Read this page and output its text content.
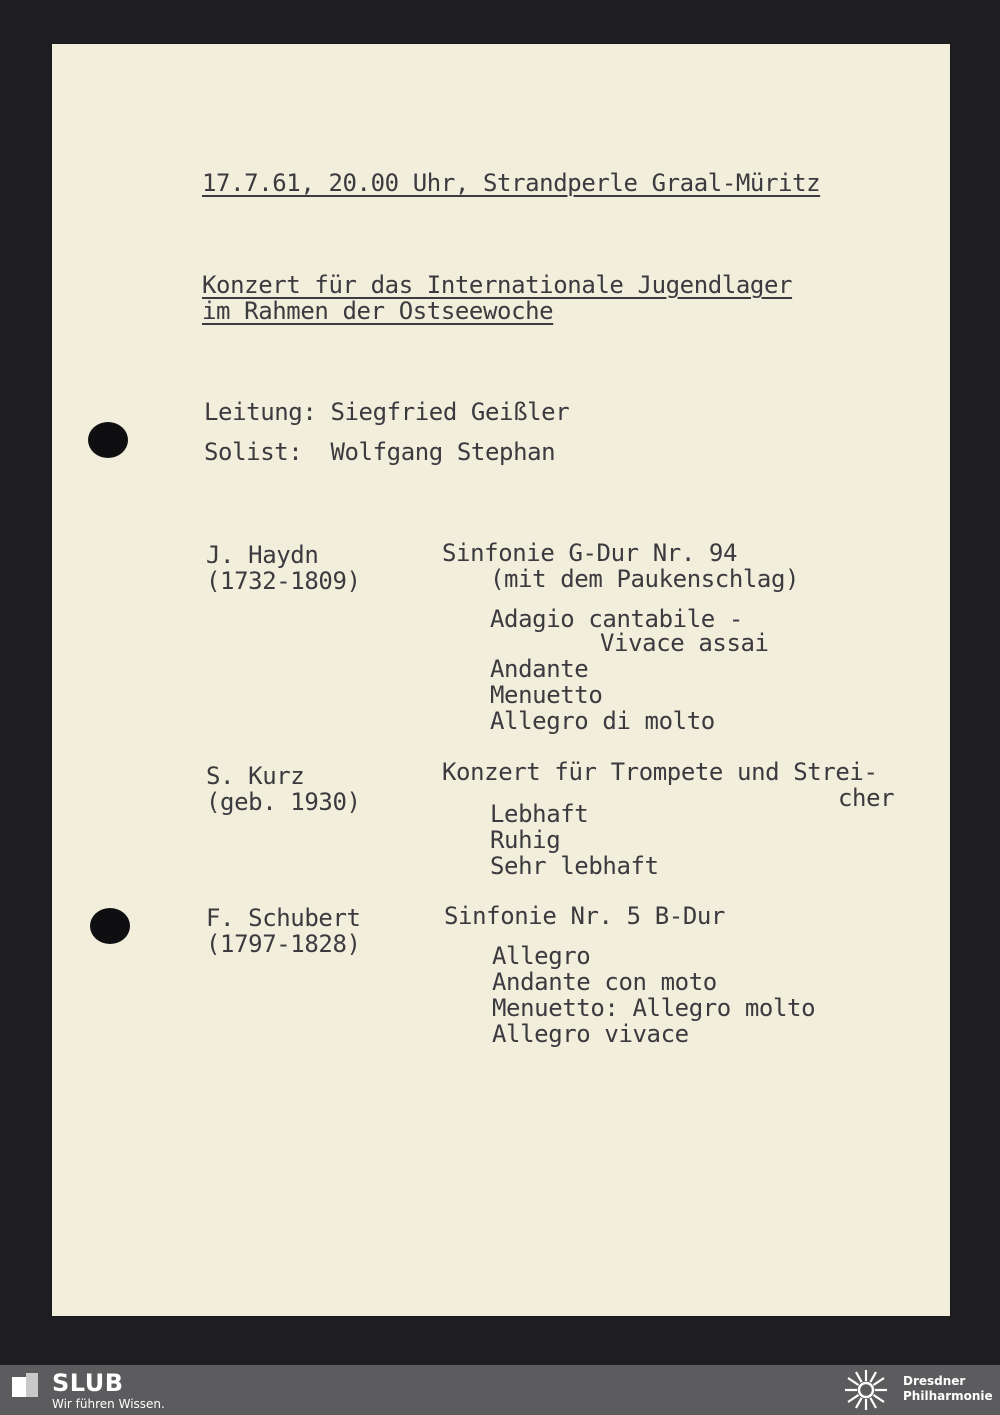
17.7.61, 20.00 Uhr, Strandperle Graal-Müritz
Konzert für das Internationale Jugendlager
im Rahmen der Ostseewoche
Leitung: Siegfried Geißler
Solist:  Wolfgang Stephan
J. Haydn
(1732-1809)
Sinfonie G-Dur Nr. 94
(mit dem Paukenschlag)
Adagio cantabile -
Vivace assai
Andante
Menuetto
Allegro di molto
S. Kurz
(geb. 1930)
Konzert für Trompete und Strei-
cher
Lebhaft
Ruhig
Sehr lebhaft
F. Schubert
(1797-1828)
Sinfonie Nr. 5 B-Dur
Allegro
Andante con moto
Menuetto: Allegro molto
Allegro vivace
SLUB
Wir führen Wissen.
Dresdner
Philharmonie
